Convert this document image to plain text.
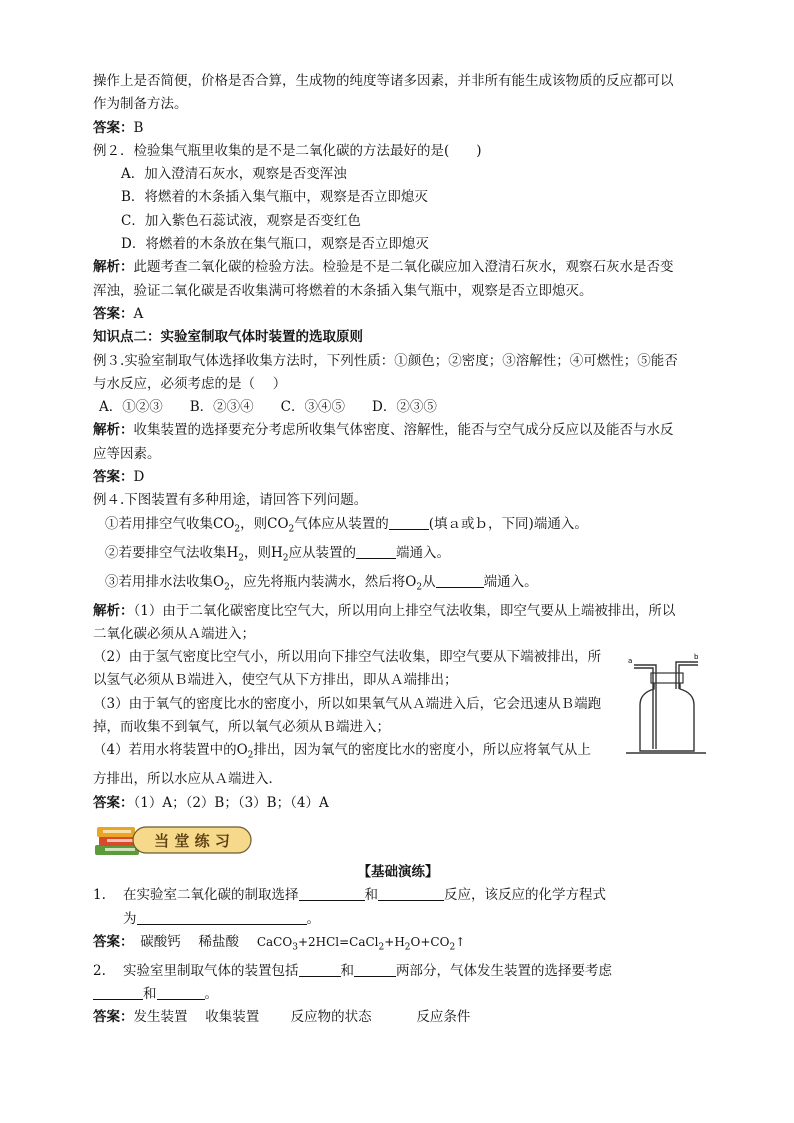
操作上是否简便，价格是否合算，生成物的纯度等诸多因素，并非所有能生成该物质的反应都可以
作为制备方法。
答案：B
例２．检验集气瓶里收集的是不是二氧化碳的方法最好的是(　　)
A．加入澄清石灰水，观察是否变浑浊
B．将燃着的木条插入集气瓶中，观察是否立即熄灭
C．加入紫色石蕊试液，观察是否变红色
D．将燃着的木条放在集气瓶口，观察是否立即熄灭
解析：此题考查二氧化碳的检验方法。检验是不是二氧化碳应加入澄清石灰水，观察石灰水是否变
浑浊，验证二氧化碳是否收集满可将燃着的木条插入集气瓶中，观察是否立即熄灭。
答案：A
知识点二：实验室制取气体时装置的选取原则
例３.实验室制取气体选择收集方法时，下列性质：①颜色；②密度；③溶解性；④可燃性；⑤能否
与水反应，必须考虑的是（　 ）
A．①②③　　B．②③④　　C．③④⑤　　D．②③⑤
解析：收集装置的选择要充分考虑所收集气体密度、溶解性，能否与空气成分反应以及能否与水反
应等因素。
答案：D
例４.下图装置有多种用途，请回答下列问题。
①若用排空气收集$CO_2$，则$CO_2$气体应从装置的	(填ａ或ｂ，下同)端通入。
②若要排空气法收集$H_2$，则$H_2$应从装置的	端通入。
③若用排水法收集$O_2$，应先将瓶内装满水，然后将$O_2$从	端通入。
解析：（1）由于二氧化碳密度比空气大，所以用向上排空气法收集，即空气要从上端被排出，所以
二氧化碳必须从Ａ端进入；
（2）由于氢气密度比空气小，所以用向下排空气法收集，即空气要从下端被排出，所
以氢气必须从Ｂ端进入，使空气从下方排出，即从Ａ端排出；
（3）由于氧气的密度比水的密度小，所以如果氧气从Ａ端进入后，它会迅速从Ｂ端跑
掉，而收集不到氧气，所以氧气必须从Ｂ端进入；
（4）若用水将装置中的$O_2$排出，因为氧气的密度比水的密度小，所以应将氧气从上
方排出，所以水应从Ａ端进入．
答案：（1）A；（2）B；（3）B；（4）A
当 堂 练 习
【基础演练】
1. 在实验室二氧化碳的制取选择	和	反应，该反应的化学方程式
为	。
答案：　 碳酸钙　 稀盐酸　 $CaCO_3+2HCl=CaCl_2+H_2O+CO_2↑$
2. 实验室里制取气体的装置包括	和	两部分，气体发生装置的选择要考虑
和	。
答案：发生装置　 收集装置　 　 反应物的状态　　 　	反应条件
a	b
